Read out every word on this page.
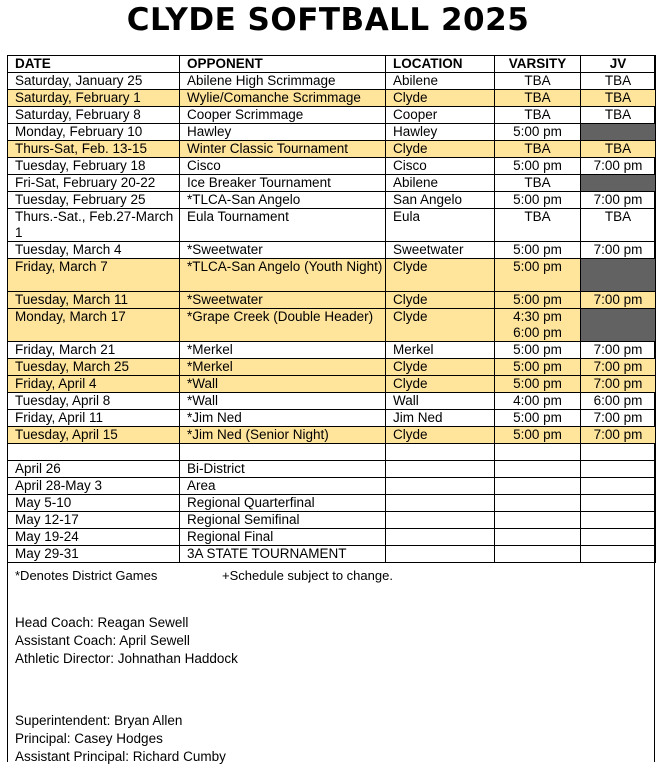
CLYDE SOFTBALL 2025
DATE	OPPONENT	LOCATION	VARSITY	JV
Saturday, January 25	Abilene High Scrimmage	Abilene	TBA	TBA
Saturday, February 1	Wylie/Comanche Scrimmage	Clyde	TBA	TBA
Saturday, February 8	Cooper Scrimmage	Cooper	TBA	TBA
Monday, February 10	Hawley	Hawley	5:00 pm	
Thurs-Sat, Feb. 13-15	Winter Classic Tournament	Clyde	TBA	TBA
Tuesday, February 18	Cisco	Cisco	5:00 pm	7:00 pm
Fri-Sat, February 20-22	Ice Breaker Tournament	Abilene	TBA	
Tuesday, February 25	*TLCA-San Angelo	San Angelo	5:00 pm	7:00 pm
Thurs.-Sat., Feb.27-March 1	Eula Tournament	Eula	TBA	TBA
Tuesday, March 4	*Sweetwater	Sweetwater	5:00 pm	7:00 pm
Friday, March 7	*TLCA-San Angelo (Youth Night)	Clyde	5:00 pm	
Tuesday, March 11	*Sweetwater	Clyde	5:00 pm	7:00 pm
Monday, March 17	*Grape Creek (Double Header)	Clyde	4:30 pm 6:00 pm	
Friday, March 21	*Merkel	Merkel	5:00 pm	7:00 pm
Tuesday, March 25	*Merkel	Clyde	5:00 pm	7:00 pm
Friday, April 4	*Wall	Clyde	5:00 pm	7:00 pm
Tuesday, April 8	*Wall	Wall	4:00 pm	6:00 pm
Friday, April 11	*Jim Ned	Jim Ned	5:00 pm	7:00 pm
Tuesday, April 15	*Jim Ned (Senior Night)	Clyde	5:00 pm	7:00 pm

April 26	Bi-District			
April 28-May 3	Area			
May 5-10	Regional Quarterfinal			
May 12-17	Regional Semifinal			
May 19-24	Regional Final			
May 29-31	3A STATE TOURNAMENT			
*Denotes District Games	+Schedule subject to change.
Head Coach: Reagan Sewell
Assistant Coach: April Sewell
Athletic Director: Johnathan Haddock
Superintendent: Bryan Allen
Principal: Casey Hodges
Assistant Principal: Richard Cumby
